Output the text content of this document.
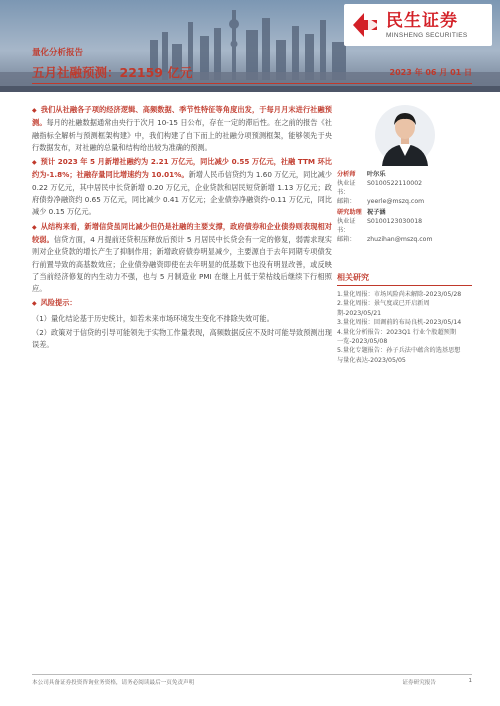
民生证券
MINSHENG SECURITIES
量化分析报告
五月社融预测：22159 亿元	2023 年 06 月 01 日

◆ 我们从社融各子项的经济逻辑、高频数据、季节性特征等角度出发，于每月月末进行社融预测。每月的社融数据通常由央行于次月 10-15 日公布，存在一定的滞后性。在之前的报告《社融指标全解析与预测框架构建》中，我们构建了自下而上的社融分项预测框架，能够领先于央行数据发布，对社融的总量和结构给出较为准确的预测。

◆ 预计 2023 年 5 月新增社融约为 2.21 万亿元，同比减少 0.55 万亿元，社融 TTM 环比约为-1.8%；社融存量同比增速约为 10.01%。新增人民币信贷约为 1.60 万亿元，同比减少 0.22 万亿元，其中居民中长贷新增 0.20 万亿元，企业贷款和居民短贷新增 1.13 万亿元；政府债券净融资约 0.65 万亿元，同比减少 0.41 万亿元；企业债券净融资约-0.11 万亿元，同比减少 0.15 万亿元。

◆ 从结构来看，新增信贷虽同比减少但仍是社融的主要支撑，政府债券和企业债券则表现相对较弱。信贷方面，4 月提前还贷积压释放后预计 5 月居民中长贷会有一定的修复，弱需求现实则对企业贷款的增长产生了抑制作用；新增政府债券明显减少，主要源自于去年同期专项债发行前置导致的高基数效应；企业债券融资即使在去年明显的低基数下也没有明显改善，或反映了当前经济修复的内生动力不强，也与 5 月制造业 PMI 在继上月低于荣枯线后继续下行相照应。

◆ 风险提示：

（1）量化结论基于历史统计，如若未来市场环境发生变化不排除失效可能。

（2）政策对于信贷的引导可能领先于实物工作量表现，高频数据反应不及时可能导致预测出现误差。

分析师	叶尔乐
执业证书：
S0100522110002
邮箱：	yeerle@mszq.com
研究助理 祝子涵
执业证书：
S0100123030018
邮箱：	zhuzihan@mszq.com
相关研究
1.量化周报：市场风险尚未解除-2023/05/28
2.量化周报：景气度或已开启新周期-2023/05/21
3.量化周报：回调前的布局良机-2023/05/14
4.量化分析报告：2023Q1 行业个股超预期
一览-2023/05/08
5.量化专题报告：孙子兵法中蕴含的选基思想
与量化表达-2023/05/05
本公司具备证券投资咨询业务资格，请务必阅读最后一页免责声明	证券研究报告	1
